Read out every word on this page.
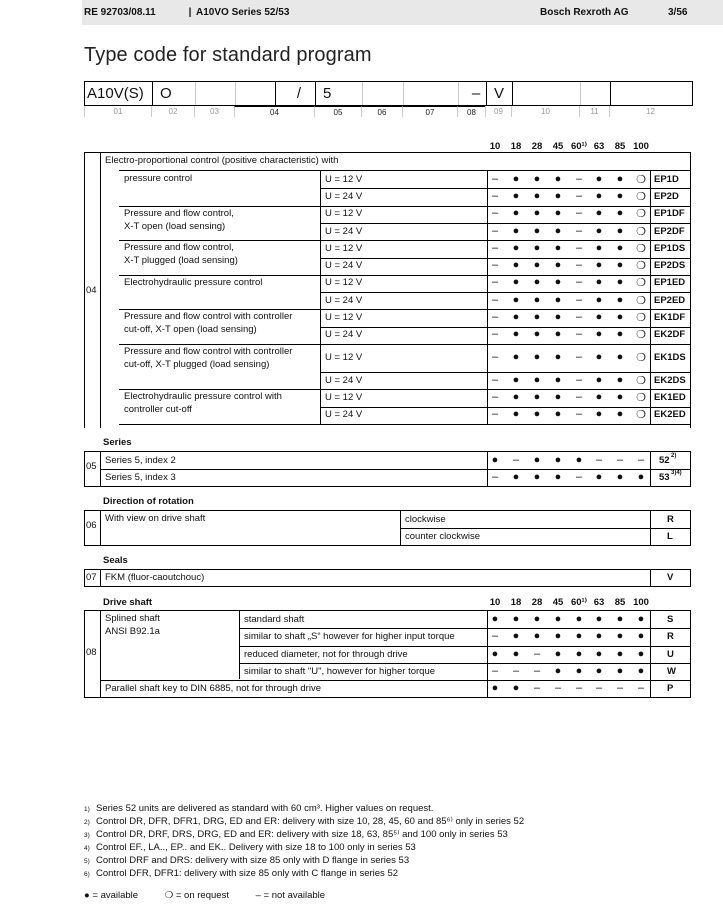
RE 92703/08.11	| A10VO Series 52/53	Bosch Rexroth AG	3/56
Type code for standard program
A10V(S)	O	/	5	– V
01	02	03	04	05	06	07	08	09	10	11	12
10	18	28	45 60¹⁾ 63	85 100
04
Electro-proportional control (positive characteristic) with
pressure control	U = 12 V	–	●	●	●	–	●	●	❍ EP1D
U = 24 V	–	●	●	●	–	●	●	❍ EP2D
Pressure and flow control,
X-T open (load sensing)
U = 12 V	–	●	●	●	–	●	●	❍ EP1DF
U = 24 V	–	●	●	●	–	●	●	❍ EP2DF
Pressure and flow control,
X-T plugged (load sensing)
U = 12 V	–	●	●	●	–	●	●	❍ EP1DS
U = 24 V	–	●	●	●	–	●	●	❍ EP2DS
Electrohydraulic pressure control	U = 12 V	–	●	●	●	–	●	●	❍ EP1ED
U = 24 V	–	●	●	●	–	●	●	❍ EP2ED
Pressure and flow control with controller
cut-off, X-T open (load sensing)
U = 12 V	–	●	●	●	–	●	●	❍ EK1DF
U = 24 V	–	●	●	●	–	●	●	❍ EK2DF
Pressure and flow control with controller
cut-off, X-T plugged (load sensing)
U = 12 V	–	●	●	●	–	●	●	❍ EK1DS
U = 24 V	–	●	●	●	–	●	●	❍ EK2DS
Electrohydraulic pressure control with
controller cut-off
U = 12 V	–	●	●	●	–	●	●	❍ EK1ED
U = 24 V	–	●	●	●	–	●	●	❍ EK2ED
Series
Series 5, index 2	●	–	●	●	●	–	–	–	52 $^{2)}$
Series 5, index 3	–	●	●	●	–	●	●	●	53 $^{3)4)}$
05
Direction of rotation
With view on drive shaft	clockwise	R
counter clockwise	L
06
Seals
FKM (fluor-caoutchouc)	V
07
Drive shaft	10	18	28	45 60¹⁾ 63	85 100
Splined shaft
ANSI B92.1a
standard shaft	●	●	●	●	●	●	●	●	S
similar to shaft „S“ however for higher input torque	–	●	●	●	●	●	●	●	R
reduced diameter, not for through drive	●	●	–	●	●	●	●	●	U
similar to shaft "U", however for higher torque	–	–	–	●	●	●	●	●	W
Parallel shaft key to DIN 6885, not for through drive	●	●	–	–	–	–	–	–	P
08
1) Series 52 units are delivered as standard with 60 cm³. Higher values on request.
2) Control DR, DFR, DFR1, DRG, ED and ER: delivery with size 10, 28, 45, 60 and 85⁶⁾ only in series 52
3) Control DR, DRF, DRS, DRG, ED and ER: delivery with size 18, 63, 85⁵⁾ and 100 only in series 53
4) Control EF., LA.., EP.. and EK.. Delivery with size 18 to 100 only in series 53
5) Control DRF and DRS: delivery with size 85 only with D flange in series 53
6) Control DFR, DFR1: delivery with size 85 only with C flange in series 52
● = available	❍ = on request	– = not available
